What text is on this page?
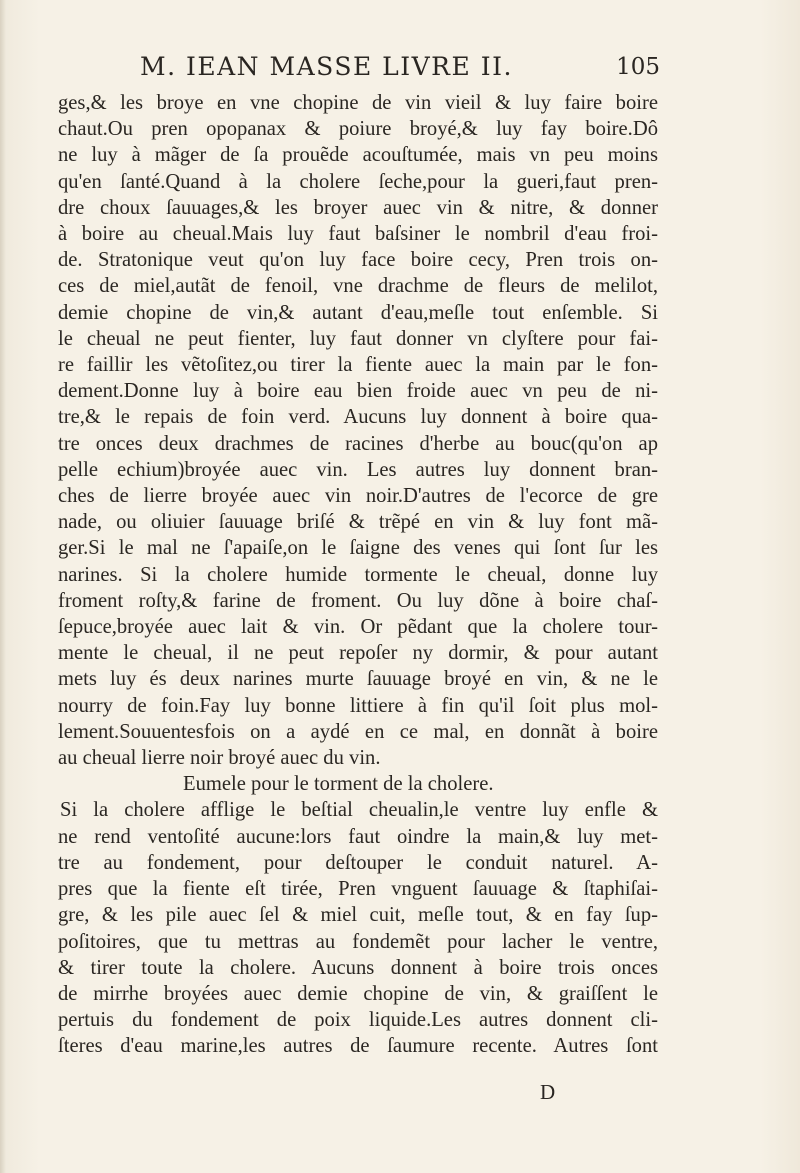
M. IEAN MASSE LIVRE II.	105
ges,& les broye en vne chopine de vin vieil & luy faire boire
chaut.Ou pren opopanax & poiure broyé,& luy fay boire.Dô
ne luy à mãger de ſa prouẽde acouſtumée, mais vn peu moins
qu'en ſanté.Quand à la cholere ſeche,pour la gueri,faut pren-
dre choux ſauuages,& les broyer auec vin & nitre, & donner
à boire au cheual.Mais luy faut baſsiner le nombril d'eau froi-
de. Stratonique veut qu'on luy face boire cecy, Pren trois on-
ces de miel,autãt de fenoil, vne drachme de fleurs de melilot,
demie chopine de vin,& autant d'eau,meſle tout enſemble. Si
le cheual ne peut fienter, luy faut donner vn clyſtere pour fai-
re faillir les vẽtoſitez,ou tirer la fiente auec la main par le fon-
dement.Donne luy à boire eau bien froide auec vn peu de ni-
tre,& le repais de foin verd. Aucuns luy donnent à boire qua-
tre onces deux drachmes de racines d'herbe au bouc(qu'on ap
pelle echium)broyée auec vin. Les autres luy donnent bran-
ches de lierre broyée auec vin noir.D'autres de l'ecorce de gre
nade, ou oliuier ſauuage briſé & trẽpé en vin & luy font mã-
ger.Si le mal ne ſ'apaiſe,on le ſaigne des venes qui ſont ſur les
narines. Si la cholere humide tormente le cheual, donne luy
froment roſty,& farine de froment. Ou luy dõne à boire chaſ-
ſepuce,broyée auec lait & vin. Or pẽdant que la cholere tour-
mente le cheual, il ne peut repoſer ny dormir, & pour autant
mets luy és deux narines murte ſauuage broyé en vin, & ne le
nourry de foin.Fay luy bonne littiere à fin qu'il ſoit plus mol-
lement.Souuentesfois on a aydé en ce mal, en donnãt à boire
au cheual lierre noir broyé auec du vin.
Eumele pour le torment de la cholere.
Si la cholere afflige le beſtial cheualin,le ventre luy enfle &
ne rend ventoſité aucune:lors faut oindre la main,& luy met-
tre au fondement, pour deſtouper le conduit naturel. A-
pres que la fiente eſt tirée, Pren vnguent ſauuage & ſtaphiſai-
gre, & les pile auec ſel & miel cuit, meſle tout, & en fay ſup-
poſitoires, que tu mettras au fondemẽt pour lacher le ventre,
& tirer toute la cholere. Aucuns donnent à boire trois onces
de mirrhe broyées auec demie chopine de vin, & graiſſent le
pertuis du fondement de poix liquide.Les autres donnent cli-
ſteres d'eau marine,les autres de ſaumure recente. Autres ſont
D
